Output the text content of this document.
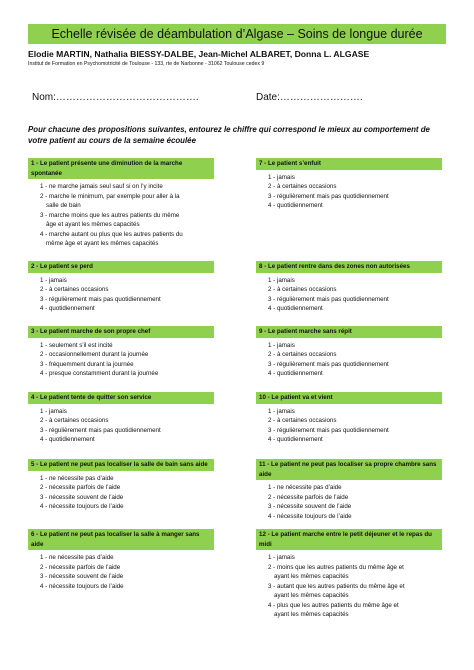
Echelle révisée de déambulation d’Algase – Soins de longue durée
Elodie MARTIN, Nathalia BIESSY-DALBE, Jean-Michel ALBARET, Donna L. ALGASE
Institut de Formation en Psychomotricité de Toulouse - 133, rte de Narbonne - 31062 Toulouse cedex 9
Nom:…………………………………….	Date:…………………….
Pour chacune des propositions suivantes, entourez le chiffre qui correspond le mieux au comportement de votre patient au cours de la semaine écoulée
1 - Le patient présente une diminution de la marche spontanée
1 - ne marche jamais seul sauf si on l’y incite
2 - marche le minimum, par exemple pour aller à la
salle de bain
3 - marche moins que les autres patients du même
âge et ayant les mêmes capacités
4 - marche autant ou plus que les autres patients du
même âge et ayant les mêmes capacités
7 - Le patient s’enfuit
1 - jamais
2 - à certaines occasions
3 - régulièrement mais pas quotidiennement
4 - quotidiennement
2 - Le patient se perd
1 - jamais
2 - à certaines occasions
3 - régulièrement mais pas quotidiennement
4 - quotidiennement
8 - Le patient rentre dans des zones non autorisées
1 - jamais
2 - à certaines occasions
3 - régulièrement mais pas quotidiennement
4 - quotidiennement
3 - Le patient marche de son propre chef
1 - seulement s’il est incité
2 - occasionnellement durant la journée
3 - fréquemment durant la journée
4 - presque constamment durant la journée
9 - Le patient marche sans répit
1 - jamais
2 - à certaines occasions
3 - régulièrement mais pas quotidiennement
4 - quotidiennement
4 - Le patient tente de quitter son service
1 - jamais
2 - à certaines occasions
3 - régulièrement mais pas quotidiennement
4 - quotidiennement
10 - Le patient va et vient
1 - jamais
2 - à certaines occasions
3 - régulièrement mais pas quotidiennement
4 - quotidiennement
5 - Le patient ne peut pas localiser la salle de bain sans aide
1 - ne nécessite pas d’aide
2 - nécessite parfois de l’aide
3 - nécessite souvent de l’aide
4 - nécessite toujours de l’aide
11 - Le patient ne peut pas localiser sa propre chambre sans aide
1 - ne nécessite pas d’aide
2 - nécessite parfois de l’aide
3 - nécessite souvent de l’aide
4 - nécessite toujours de l’aide
6 - Le patient ne peut pas localiser la salle à manger sans aide
1 - ne nécessite pas d’aide
2 - nécessite parfois de l’aide
3 - nécessite souvent de l’aide
4 - nécessite toujours de l’aide
12 - Le patient marche entre le petit déjeuner et le repas du midi
1 - jamais
2 - moins que les autres patients du même âge et
ayant les mêmes capacités
3 - autant que les autres patients du même âge et
ayant les mêmes capacités
4 - plus que les autres patients du même âge et
ayant les mêmes capacités
